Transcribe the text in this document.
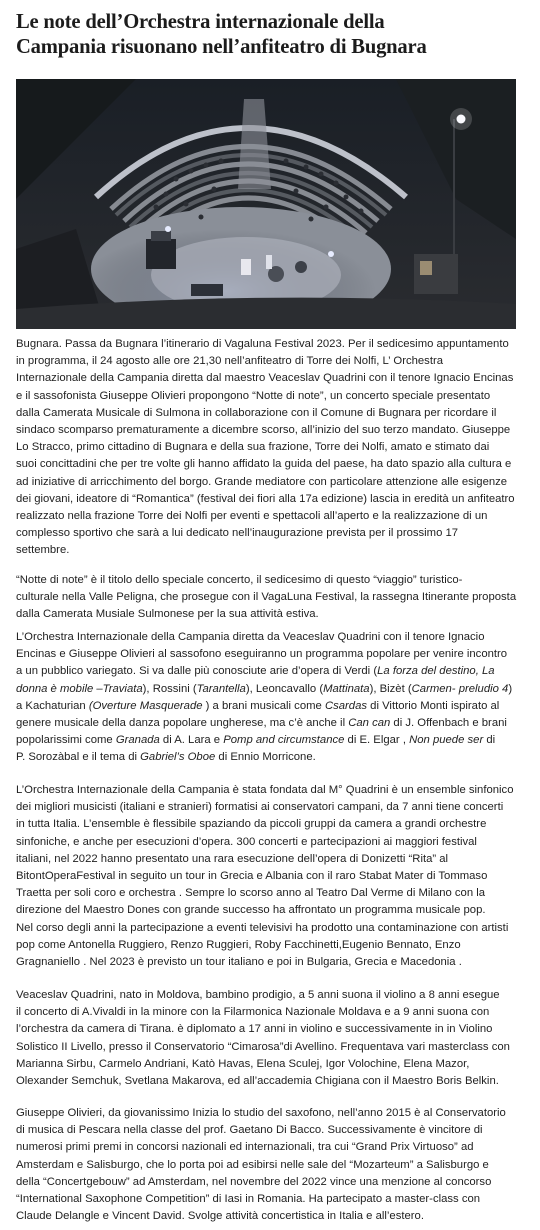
Le note dell’Orchestra internazionale della
Campania risuonano nell’anfiteatro di Bugnara

Bugnara. Passa da Bugnara l’itinerario di Vagaluna Festival 2023. Per il sedicesimo appuntamento
in programma, il 24 agosto alle ore 21,30 nell’anfiteatro di Torre dei Nolfi, L’ Orchestra
Internazionale della Campania diretta dal maestro Veaceslav Quadrini con il tenore Ignacio Encinas
e il sassofonista Giuseppe Olivieri propongono “Notte di note”, un concerto speciale presentato
dalla Camerata Musicale di Sulmona in collaborazione con il Comune di Bugnara per ricordare il
sindaco scomparso prematuramente a dicembre scorso, all’inizio del suo terzo mandato. Giuseppe
Lo Stracco, primo cittadino di Bugnara e della sua frazione, Torre dei Nolfi, amato e stimato dai
suoi concittadini che per tre volte gli hanno affidato la guida del paese, ha dato spazio alla cultura e
ad iniziative di arricchimento del borgo. Grande mediatore con particolare attenzione alle esigenze
dei giovani, ideatore di “Romantica” (festival dei fiori alla 17a edizione) lascia in eredità un anfiteatro
realizzato nella frazione Torre dei Nolfi per eventi e spettacoli all’aperto e la realizzazione di un
complesso sportivo che sarà a lui dedicato nell’inaugurazione prevista per il prossimo 17
settembre.

“Notte di note” è il titolo dello speciale concerto, il sedicesimo di questo “viaggio” turistico-
culturale nella Valle Peligna, che prosegue con il VagaLuna Festival, la rassegna Itinerante proposta
dalla Camerata Musiale Sulmonese per la sua attività estiva.

L’Orchestra Internazionale della Campania diretta da Veaceslav Quadrini con il tenore Ignacio
Encinas e Giuseppe Olivieri al sassofono eseguiranno un programma popolare per venire incontro
a un pubblico variegato. Si va dalle più conosciute arie d’opera di Verdi (La forza del destino, La
donna è mobile –Traviata), Rossini (Tarantella), Leoncavallo (Mattinata), Bizèt (Carmen- preludio 4)
a Kachaturian (Overture Masquerade ) a brani musicali come Csardas di Vittorio Monti ispirato al
genere musicale della danza popolare ungherese, ma c’è anche il Can can di J. Offenbach e brani
popolarissimi come Granada di A. Lara e Pomp and circumstance di E. Elgar , Non puede ser di
P. Sorozàbal e il tema di Gabriel’s Oboe di Ennio Morricone.

L’Orchestra Internazionale della Campania è stata fondata dal M° Quadrini è un ensemble sinfonico
dei migliori musicisti (italiani e stranieri) formatisi ai conservatori campani, da 7 anni tiene concerti
in tutta Italia. L’ensemble è flessibile spaziando da piccoli gruppi da camera a grandi orchestre
sinfoniche, e anche per esecuzioni d’opera. 300 concerti e partecipazioni ai maggiori festival
italiani, nel 2022 hanno presentato una rara esecuzione dell’opera di Donizetti “Rita” al
BitontOperaFestival in seguito un tour in Grecia e Albania con il raro Stabat Mater di Tommaso
Traetta per soli coro e orchestra . Sempre lo scorso anno al Teatro Dal Verme di Milano con la
direzione del Maestro Dones con grande successo ha affrontato un programma musicale pop.
Nel corso degli anni la partecipazione a eventi televisivi ha prodotto una contaminazione con artisti
pop come Antonella Ruggiero, Renzo Ruggieri, Roby Facchinetti,Eugenio Bennato, Enzo
Gragnaniello . Nel 2023 è previsto un tour italiano e poi in Bulgaria, Grecia e Macedonia .

Veaceslav Quadrini, nato in Moldova, bambino prodigio, a 5 anni suona il violino a 8 anni esegue
il concerto di A.Vivaldi in la minore con la Filarmonica Nazionale Moldava e a 9 anni suona con
l’orchestra da camera di Tirana. è diplomato a 17 anni in violino e successivamente in in Violino
Solistico II Livello, presso il Conservatorio “Cimarosa”di Avellino. Frequentava vari masterclass con
Marianna Sirbu, Carmelo Andriani, Katò Havas, Elena Sculej, Igor Volochine, Elena Mazor,
Olexander Semchuk, Svetlana Makarova, ed all’accademia Chigiana con il Maestro Boris Belkin.

Giuseppe Olivieri, da giovanissimo Inizia lo studio del saxofono, nell’anno 2015 è al Conservatorio
di musica di Pescara nella classe del prof. Gaetano Di Bacco. Successivamente è vincitore di
numerosi primi premi in concorsi nazionali ed internazionali, tra cui “Grand Prix Virtuoso” ad
Amsterdam e Salisburgo, che lo porta poi ad esibirsi nelle sale del “Mozarteum” a Salisburgo e
della “Concertgebouw” ad Amsterdam, nel novembre del 2022 vince una menzione al concorso
“International Saxophone Competition” di Iasi in Romania. Ha partecipato a master-class con
Claude Delangle e Vincent David. Svolge attività concertistica in Italia e all’estero.
